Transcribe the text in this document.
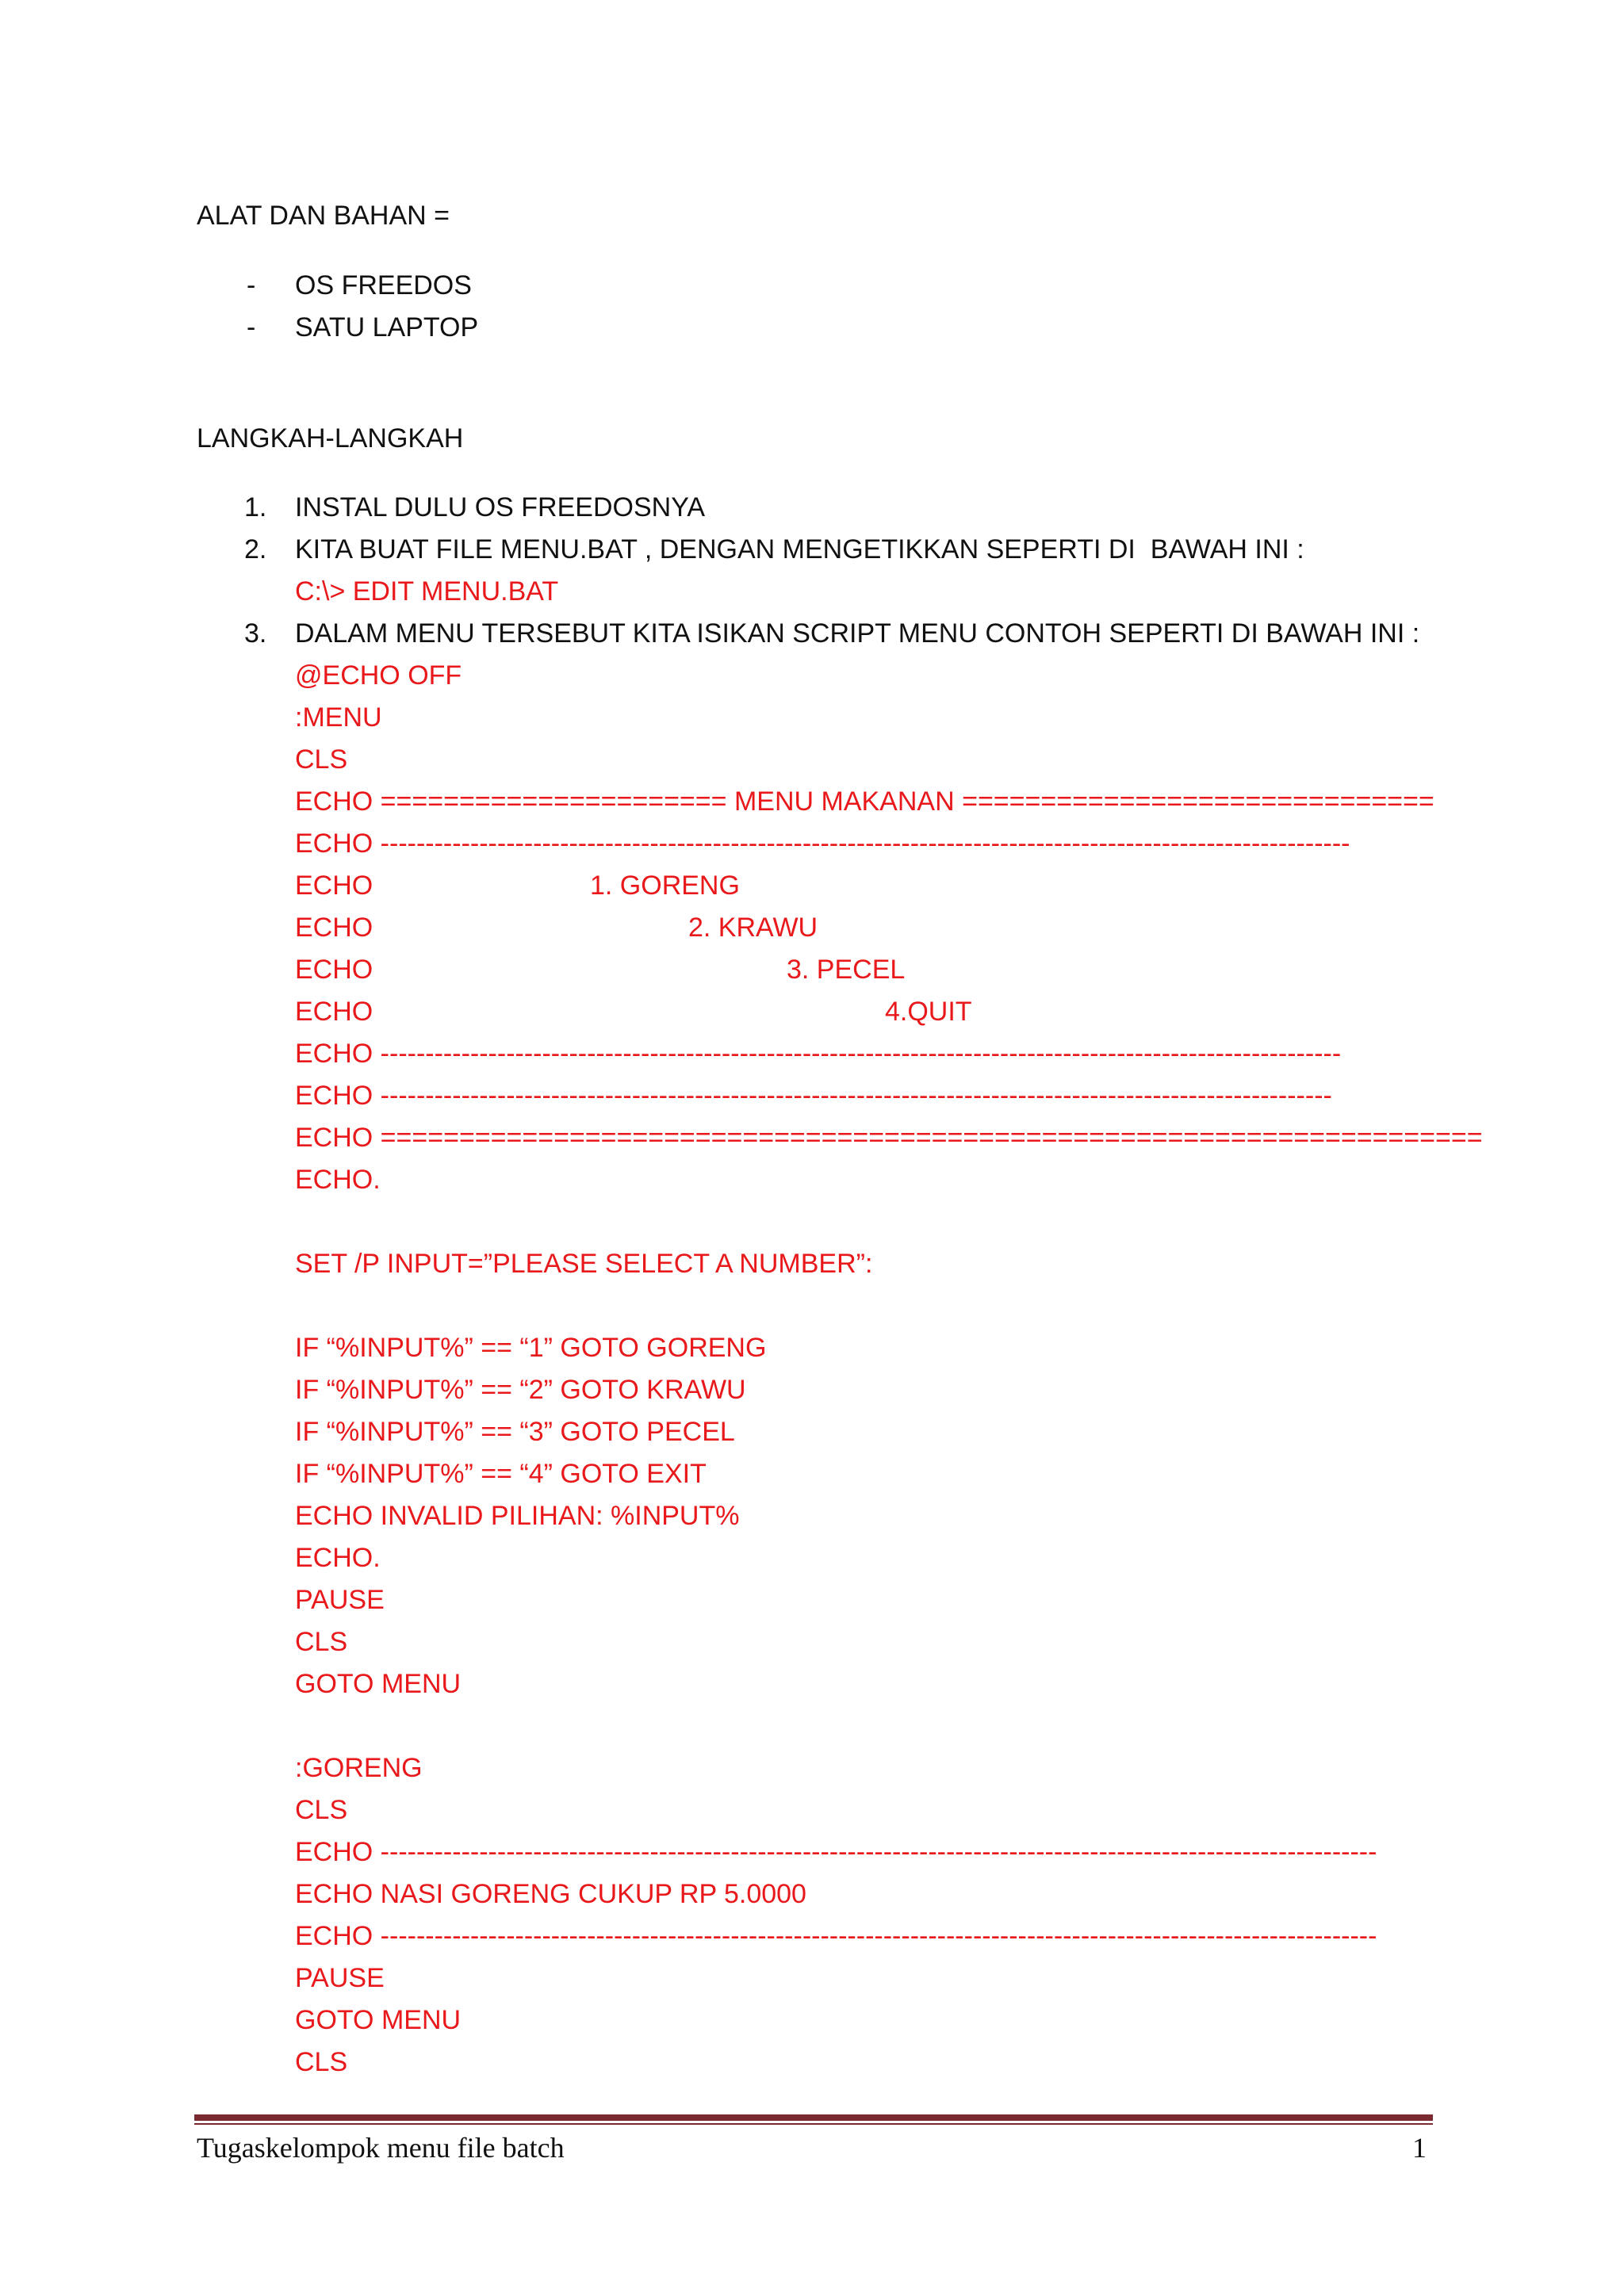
ALAT DAN BAHAN =
- OS FREEDOS
- SATU LAPTOP
LANGKAH-LANGKAH
1. INSTAL DULU OS FREEDOSNYA
2. KITA BUAT FILE MENU.BAT , DENGAN MENGETIKKAN SEPERTI DI  BAWAH INI :
C:\> EDIT MENU.BAT
3. DALAM MENU TERSEBUT KITA ISIKAN SCRIPT MENU CONTOH SEPERTI DI BAWAH INI :
@ECHO OFF
:MENU
CLS
ECHO ====================== MENU MAKANAN ==============================
ECHO ------------------------------------------------------------------------------------------------------------
ECHO	1. GORENG
ECHO	2. KRAWU
ECHO	3. PECEL
ECHO	4.QUIT
ECHO -----------------------------------------------------------------------------------------------------------
ECHO ----------------------------------------------------------------------------------------------------------
ECHO ======================================================================
ECHO.
SET /P INPUT=”PLEASE SELECT A NUMBER”:
IF “%INPUT%” == “1” GOTO GORENG
IF “%INPUT%” == “2” GOTO KRAWU
IF “%INPUT%” == “3” GOTO PECEL
IF “%INPUT%” == “4” GOTO EXIT
ECHO INVALID PILIHAN: %INPUT%
ECHO.
PAUSE
CLS
GOTO MENU
:GORENG
CLS
ECHO ---------------------------------------------------------------------------------------------------------------
ECHO NASI GORENG CUKUP RP 5.0000
ECHO ---------------------------------------------------------------------------------------------------------------
PAUSE
GOTO MENU
CLS
Tugaskelompok menu file batch	1
